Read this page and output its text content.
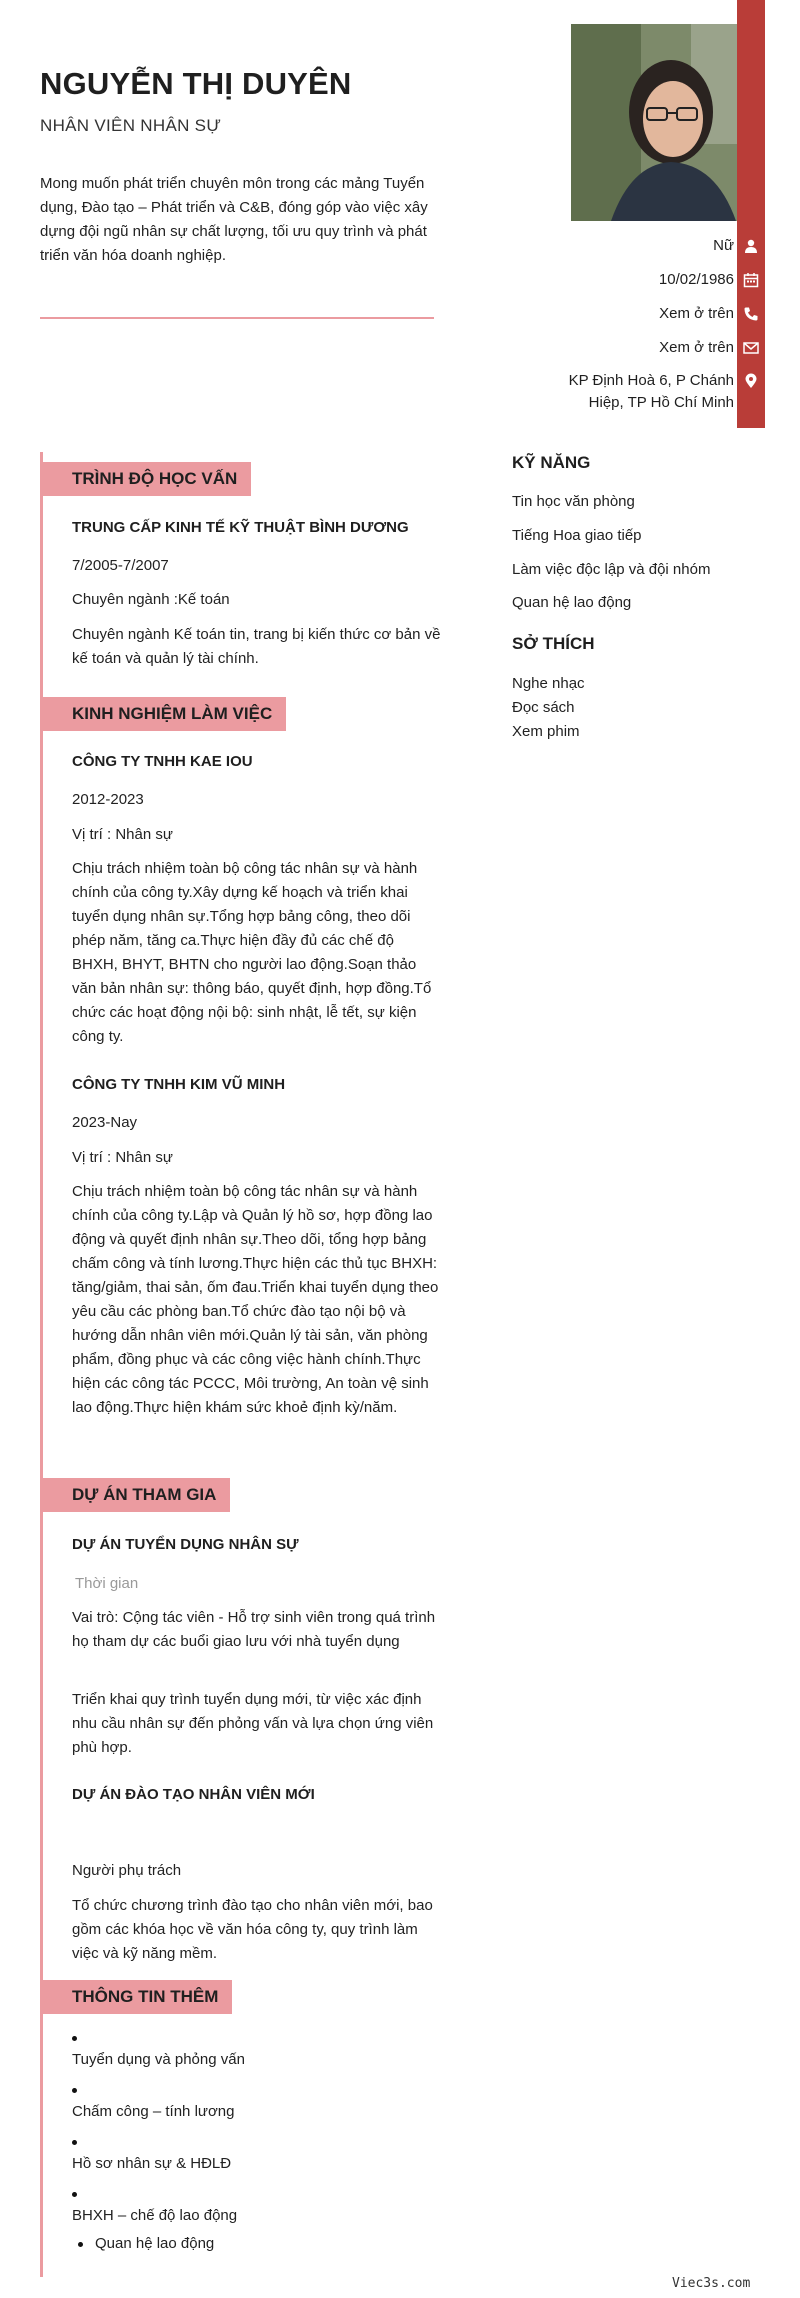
NGUYỄN THỊ DUYÊN
NHÂN VIÊN NHÂN SỰ
Mong muốn phát triển chuyên môn trong các mảng Tuyển dụng, Đào tạo – Phát triển và C&B, đóng góp vào việc xây dựng đội ngũ nhân sự chất lượng, tối ưu quy trình và phát triển văn hóa doanh nghiệp.
Nữ
10/02/1986
Xem ở trên
Xem ở trên
KP Định Hoà 6, P Chánh
Hiệp, TP Hồ Chí Minh
TRÌNH ĐỘ HỌC VẤN
TRUNG CẤP KINH TẾ KỸ THUẬT BÌNH DƯƠNG
7/2005-7/2007
Chuyên ngành :Kế toán
Chuyên ngành Kế toán tin, trang bị kiến thức cơ bản về kế toán và quản lý tài chính.
KINH NGHIỆM LÀM VIỆC
CÔNG TY TNHH KAE IOU
2012-2023
Vị trí : Nhân sự
Chịu trách nhiệm toàn bộ công tác nhân sự và hành chính của công ty.Xây dựng kế hoạch và triển khai tuyển dụng nhân sự.Tổng hợp bảng công, theo dõi phép năm, tăng ca.Thực hiện đầy đủ các chế độ BHXH, BHYT, BHTN cho người lao động.Soạn thảo văn bản nhân sự: thông báo, quyết định, hợp đồng.Tổ chức các hoạt động nội bộ: sinh nhật, lễ tết, sự kiện công ty.
CÔNG TY TNHH KIM VŨ MINH
2023-Nay
Vị trí : Nhân sự
Chịu trách nhiệm toàn bộ công tác nhân sự và hành chính của công ty.Lập và Quản lý hồ sơ, hợp đồng lao động và quyết định nhân sự.Theo dõi, tổng hợp bảng chấm công và tính lương.Thực hiện các thủ tục BHXH: tăng/giảm, thai sản, ốm đau.Triển khai tuyển dụng theo yêu cầu các phòng ban.Tổ chức đào tạo nội bộ và hướng dẫn nhân viên mới.Quản lý tài sản, văn phòng phẩm, đồng phục và các công việc hành chính.Thực hiện các công tác PCCC, Môi trường, An toàn vệ sinh lao động.Thực hiện khám sức khoẻ định kỳ/năm.
DỰ ÁN THAM GIA
DỰ ÁN TUYỂN DỤNG NHÂN SỰ
Thời gian
Vai trò: Cộng tác viên - Hỗ trợ sinh viên trong quá trình họ tham dự các buổi giao lưu với nhà tuyển dụng
Triển khai quy trình tuyển dụng mới, từ việc xác định nhu cầu nhân sự đến phỏng vấn và lựa chọn ứng viên phù hợp.
DỰ ÁN ĐÀO TẠO NHÂN VIÊN MỚI
Người phụ trách
Tổ chức chương trình đào tạo cho nhân viên mới, bao gồm các khóa học về văn hóa công ty, quy trình làm việc và kỹ năng mềm.
THÔNG TIN THÊM
Tuyển dụng và phỏng vấn
Chấm công – tính lương
Hồ sơ nhân sự & HĐLĐ
BHXH – chế độ lao động
Quan hệ lao động
KỸ NĂNG
Tin học văn phòng
Tiếng Hoa giao tiếp
Làm việc độc lập và đội nhóm
Quan hệ lao động
SỞ THÍCH
Nghe nhạc
Đọc sách
Xem phim
Viec3s.com
